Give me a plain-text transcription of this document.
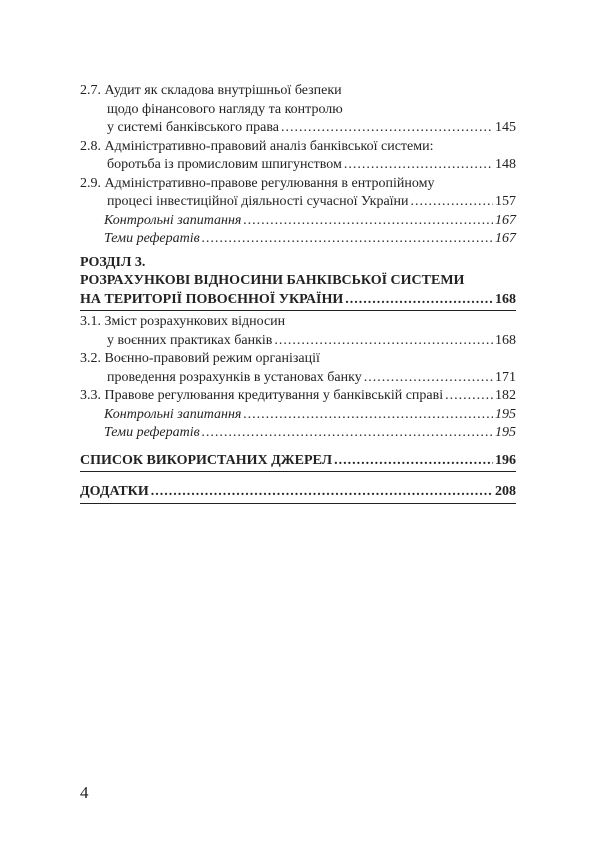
2.7. Аудит як складова внутрішньої безпеки
щодо фінансового нагляду та контролю
у системі банківського права .....	145
2.8. Адміністративно-правовий аналіз банківської системи:
боротьба із промисловим шпигунством .....	148
2.9. Адміністративно-правове регулювання в ентропійному
процесі інвестиційної діяльності сучасної України .....	157
Контрольні запитання .....	167
Теми рефератів .....	167
РОЗДІЛ 3.
РОЗРАХУНКОВІ ВІДНОСИНИ БАНКІВСЬКОЇ СИСТЕМИ
НА ТЕРИТОРІЇ ПОВОЄННОЇ УКРАЇНИ .....	168
3.1. Зміст розрахункових відносин
у воєнних практиках банків .....	168
3.2. Воєнно-правовий режим організації
проведення розрахунків в установах банку .....	171
3.3. Правове регулювання кредитування у банківській справі .....	182
Контрольні запитання .....	195
Теми рефератів .....	195
СПИСОК ВИКОРИСТАНИХ ДЖЕРЕЛ .....	196
ДОДАТКИ .....	208
4
